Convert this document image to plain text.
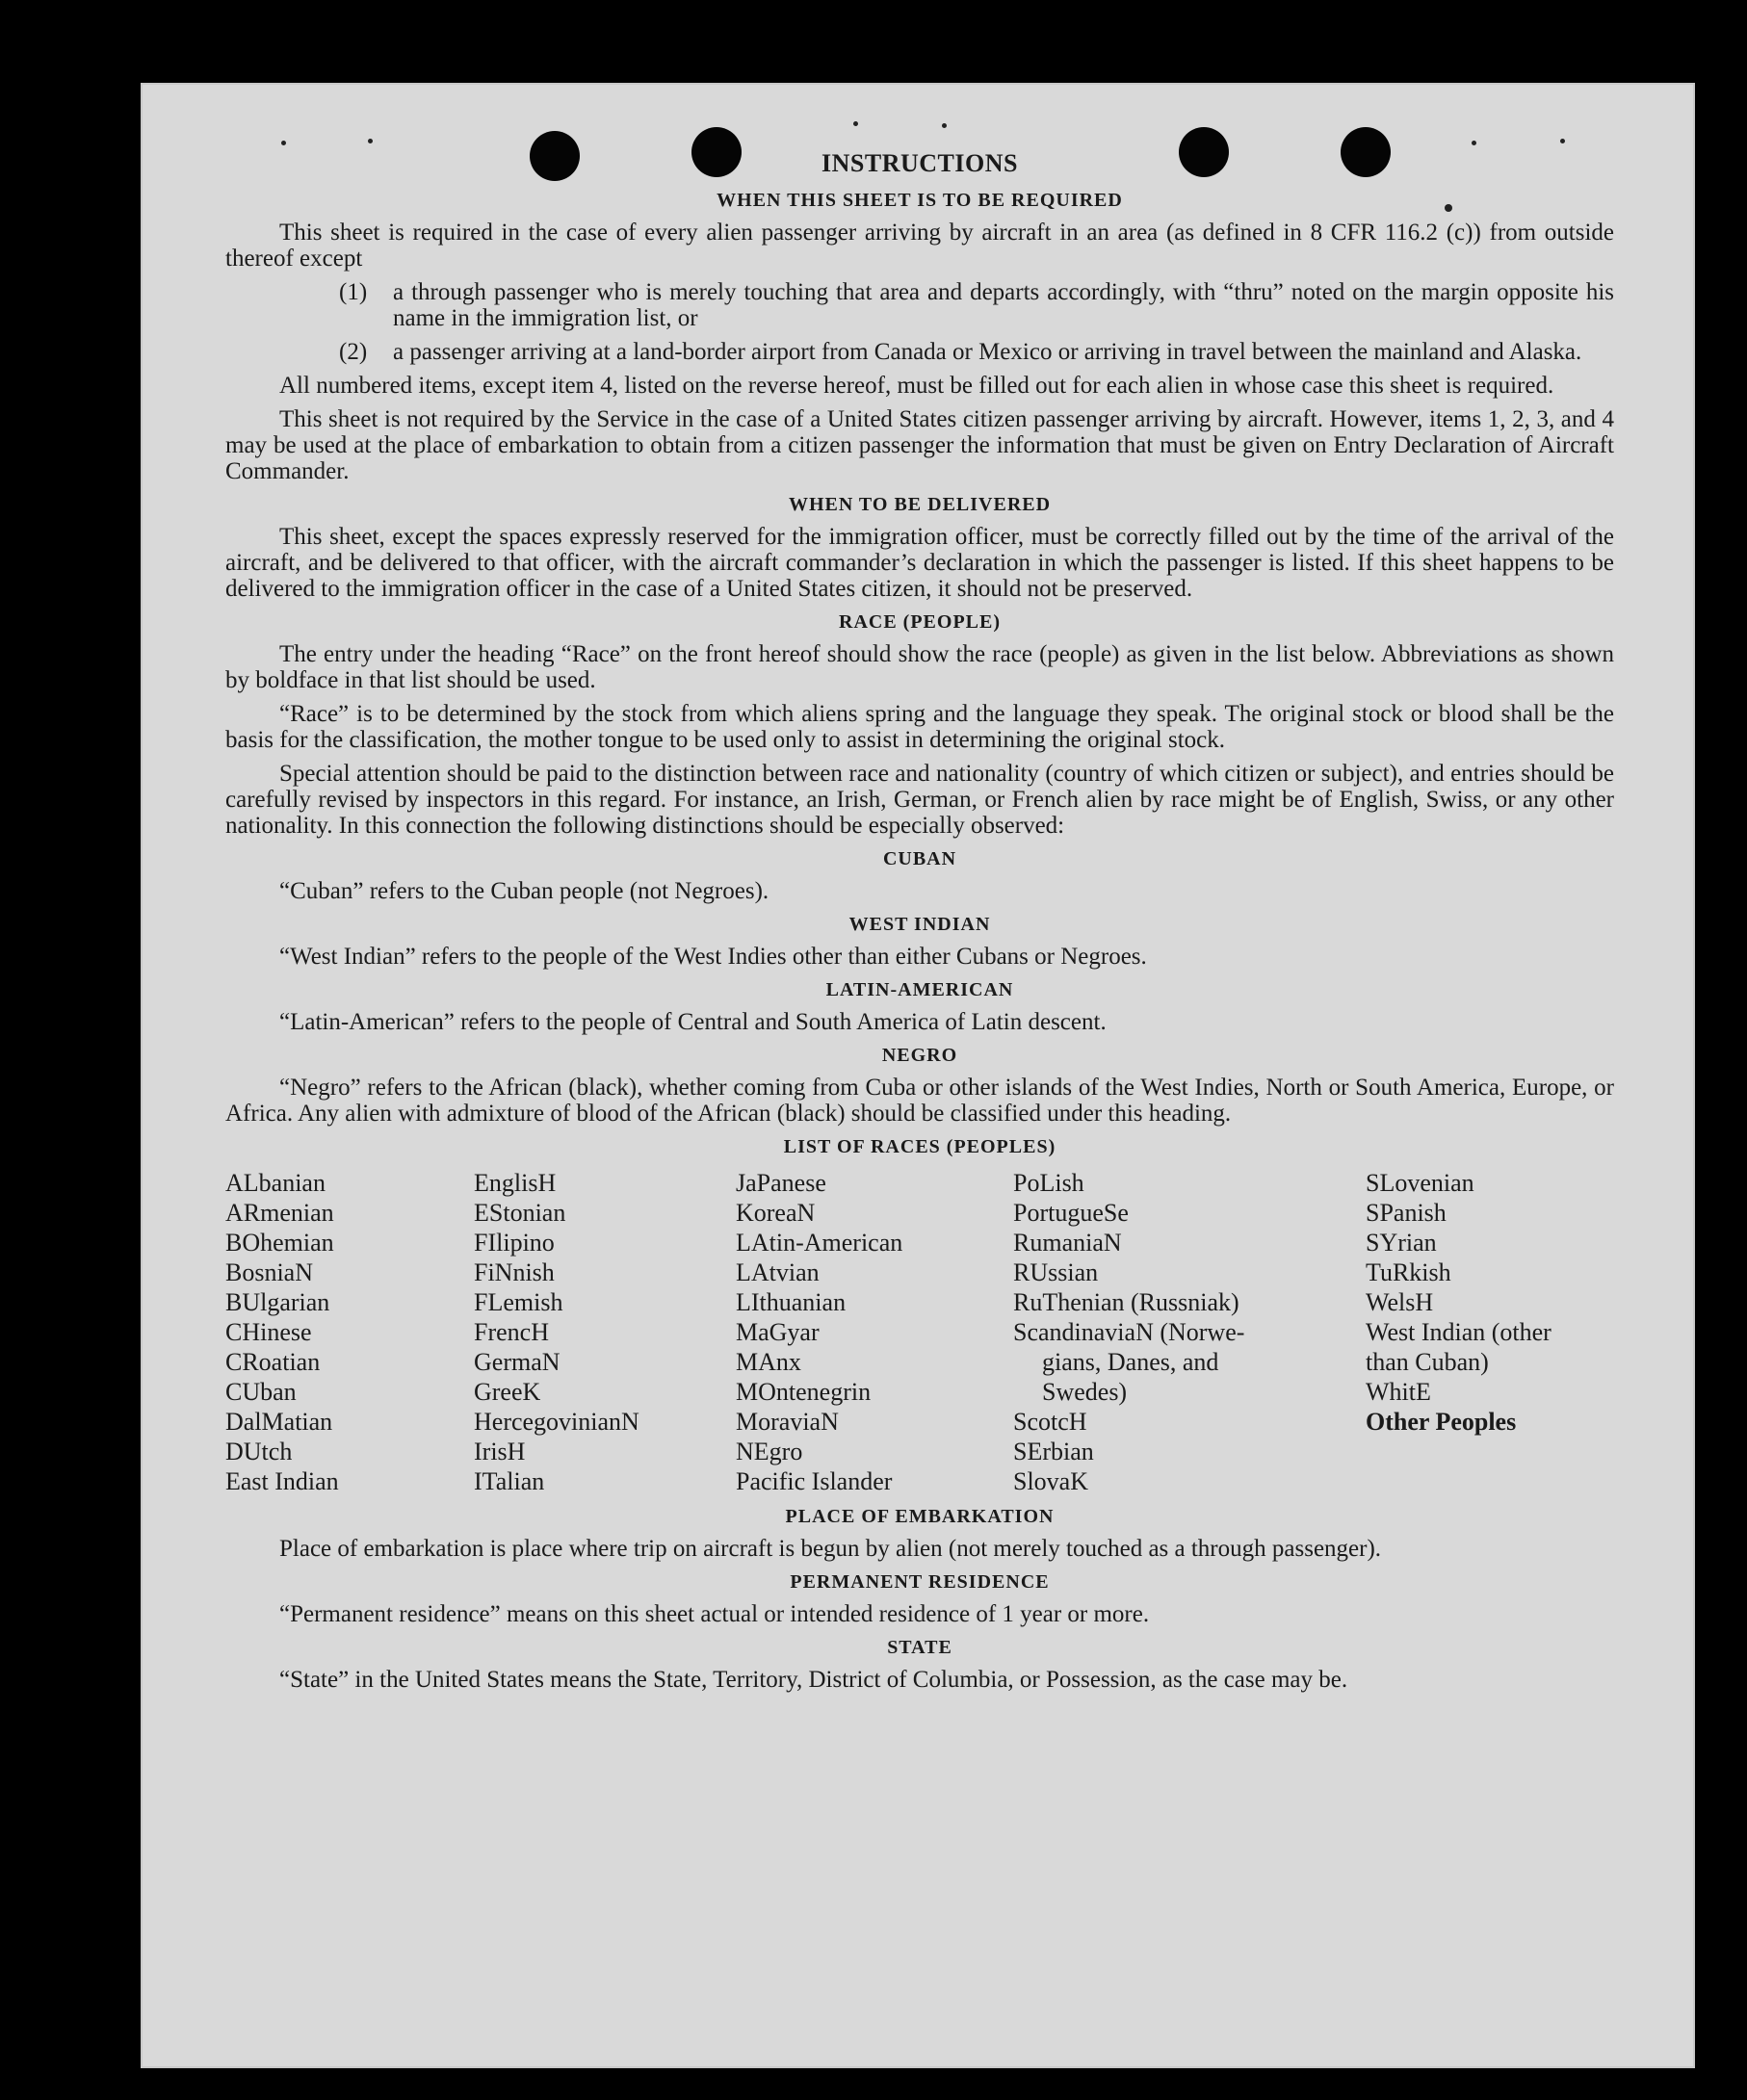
INSTRUCTIONS
WHEN THIS SHEET IS TO BE REQUIRED

This sheet is required in the case of every alien passenger arriving by aircraft in an area (as defined in 8 CFR 116.2 (c)) from outside thereof except

(1)	a through passenger who is merely touching that area and departs accordingly, with “thru” noted on the margin opposite his name in the immigration list, or
(2)	a passenger arriving at a land-border airport from Canada or Mexico or arriving in travel between the mainland and Alaska.

All numbered items, except item 4, listed on the reverse hereof, must be filled out for each alien in whose case this sheet is required.

This sheet is not required by the Service in the case of a United States citizen passenger arriving by aircraft. However, items 1, 2, 3, and 4 may be used at the place of embarkation to obtain from a citizen passenger the information that must be given on Entry Declaration of Aircraft Commander.

WHEN TO BE DELIVERED

This sheet, except the spaces expressly reserved for the immigration officer, must be correctly filled out by the time of the arrival of the aircraft, and be delivered to that officer, with the aircraft commander’s declaration in which the passenger is listed. If this sheet happens to be delivered to the immigration officer in the case of a United States citizen, it should not be preserved.

RACE (PEOPLE)

The entry under the heading “Race” on the front hereof should show the race (people) as given in the list below. Abbreviations as shown by boldface in that list should be used.

“Race” is to be determined by the stock from which aliens spring and the language they speak. The original stock or blood shall be the basis for the classification, the mother tongue to be used only to assist in determining the original stock.

Special attention should be paid to the distinction between race and nationality (country of which citizen or subject), and entries should be carefully revised by inspectors in this regard. For instance, an Irish, German, or French alien by race might be of English, Swiss, or any other nationality. In this connection the following distinctions should be especially observed:

CUBAN

“Cuban” refers to the Cuban people (not Negroes).

WEST INDIAN

“West Indian” refers to the people of the West Indies other than either Cubans or Negroes.

LATIN-AMERICAN

“Latin-American” refers to the people of Central and South America of Latin descent.

NEGRO

“Negro” refers to the African (black), whether coming from Cuba or other islands of the West Indies, North or South America, Europe, or Africa. Any alien with admixture of blood of the African (black) should be classified under this heading.

LIST OF RACES (PEOPLES)
ALbanian
ARmenian
BOhemian
BosniaN
BUlgarian
CHinese
CRoatian
CUban
DalMatian
DUtch
East Indian
EnglisH
EStonian
FIlipino
FiNnish
FLemish
FrencH
GermaN
GreeK
HercegovinianN
IrisH
ITalian
JaPanese
KoreaN
LAtin-American
LAtvian
LIthuanian
MaGyar
MAnx
MOntenegrin
MoraviaN
NEgro
Pacific Islander
PoLish
PortugueSe
RumaniaN
RUssian
RuThenian (Russniak)
ScandinaviaN (Norwe-
gians, Danes, and
Swedes)
ScotcH
SErbian
SlovaK
SLovenian
SPanish
SYrian
TuRkish
WelsH
West Indian (other
than Cuban)
WhitE
Other Peoples
PLACE OF EMBARKATION

Place of embarkation is place where trip on aircraft is begun by alien (not merely touched as a through passenger).

PERMANENT RESIDENCE

“Permanent residence” means on this sheet actual or intended residence of 1 year or more.

STATE

“State” in the United States means the State, Territory, District of Columbia, or Possession, as the case may be.
